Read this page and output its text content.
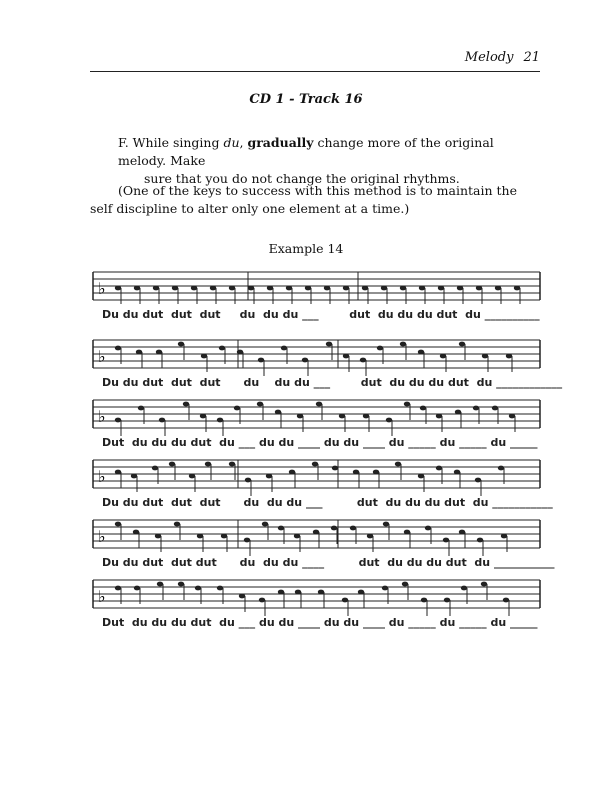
Melody 21
CD 1 - Track 16
F. While singing du, gradually change more of the original melody. Make
sure that you do not change the original rhythms.
(One of the keys to success with this method is to maintain the self discipline to alter only one element at a time.)
Example 14
♭
♭
♭
♭
♭
♭
Du du dut  dut  dut     du  du du ___        dut  du du du dut  du __________
Du du dut  dut  dut      du    du du ___        dut  du du du dut  du ____________
Dut  du du du dut  du ___ du du ____ du du ____ du _____ du _____ du _____
Du du dut  dut  dut      du  du du ___         dut  du du du dut  du ___________
Du du dut  dut dut      du  du du ____         dut  du du du dut  du ___________
Dut  du du du dut  du ___ du du ____ du du ____ du _____ du _____ du _____
